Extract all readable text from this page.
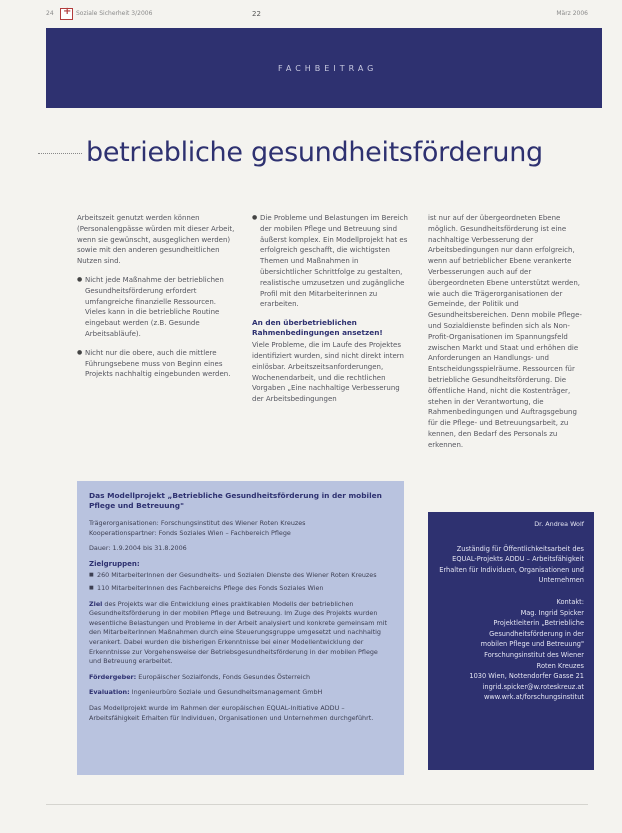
24
+	Soziale Sicherheit 3/2006	22	März 2006
FACHBEITRAG
betriebliche gesundheitsförderung

Arbeitszeit genutzt werden können (Personalengpässe würden mit dieser Arbeit, wenn sie gewünscht, ausgeglichen werden) sowie mit den anderen gesundheitlichen Nutzen sind.

● Nicht jede Maßnahme der betrieblichen Gesundheitsförderung erfordert umfangreiche finanzielle Ressourcen. Vieles kann in die betriebliche Routine eingebaut werden (z.B. Gesunde Arbeitsabläufe).

● Nicht nur die obere, auch die mittlere Führungsebene muss von Beginn eines Projekts nachhaltig eingebunden werden.

● Die Probleme und Belastungen im Bereich der mobilen Pflege und Betreuung sind äußerst komplex. Ein Modellprojekt hat es erfolgreich geschafft, die wichtigsten Themen und Maßnahmen in übersichtlicher Schrittfolge zu gestalten, realistische umzusetzen und zugängliche Profil mit den Mitarbeiterinnen zu erarbeiten.

An den überbetrieblichen Rahmenbedingungen ansetzen!

Viele Probleme, die im Laufe des Projektes identifiziert wurden, sind nicht direkt intern einlösbar. Arbeitszeitsanforderungen, Wochenendarbeit, und die rechtlichen Vorgaben „Eine nachhaltige Verbesserung der Arbeitsbedingungen

ist nur auf der übergeordneten Ebene möglich. Gesundheitsförderung ist eine nachhaltige Verbesserung der Arbeitsbedingungen nur dann erfolgreich, wenn auf betrieblicher Ebene verankerte Verbesserungen auch auf der übergeordneten Ebene unterstützt werden, wie auch die Trägerorganisationen der Gemeinde, der Politik und Gesundheitsbereichen. Denn mobile Pflege- und Sozialdienste befinden sich als Non-Profit-Organisationen im Spannungsfeld zwischen Markt und Staat und erhöhen die Anforderungen an Handlungs- und Entscheidungsspielräume. Ressourcen für betriebliche Gesundheitsförderung. Die öffentliche Hand, nicht die Kostenträger, stehen in der Verantwortung, die Rahmenbedingungen und Auftragsgebung für die Pflege- und Betreuungsarbeit, zu kennen, den Bedarf des Personals zu erkennen.

Das Modellprojekt „Betriebliche Gesundheitsförderung in der mobilen Pflege und Betreuung"

Trägerorganisationen: Forschungsinstitut des Wiener Roten Kreuzes

Kooperationspartner: Fonds Soziales Wien – Fachbereich Pflege

Dauer: 1.9.2004 bis 31.8.2006

Zielgruppen:

■ 260 MitarbeiterInnen der Gesundheits- und Sozialen Dienste des Wiener Roten Kreuzes

■ 110 MitarbeiterInnen des Fachbereichs Pflege des Fonds Soziales Wien

Ziel des Projekts war die Entwicklung eines praktikablen Modells der betrieblichen Gesundheitsförderung in der mobilen Pflege und Betreuung. Im Zuge des Projekts wurden wesentliche Belastungen und Probleme in der Arbeit analysiert und konkrete gemeinsam mit den MitarbeiterInnen Maßnahmen durch eine Steuerungsgruppe umgesetzt und nachhaltig verankert. Dabei wurden die bisherigen Erkenntnisse bei einer Modellentwicklung der Erkenntnisse zur Vorgehensweise der Betriebsgesundheitsförderung in der mobilen Pflege und Betreuung erarbeitet.

Fördergeber: Europäischer Sozialfonds, Fonds Gesundes Österreich

Evaluation: Ingenieurbüro Soziale und Gesundheitsmanagement GmbH

Das Modellprojekt wurde im Rahmen der europäischen EQUAL-Initiative ADDU – Arbeitsfähigkeit Erhalten für Individuen, Organisationen und Unternehmen durchgeführt.

Dr. Andrea Wolf

Zuständig für Öffentlichkeitsarbeit des EQUAL-Projekts ADDU – Arbeitsfähigkeit Erhalten für Individuen, Organisationen und Unternehmen

Kontakt:

Mag. Ingrid Spicker

Projektleiterin „Betriebliche

Gesundheitsförderung in der

mobilen Pflege und Betreuung"

Forschungsinstitut des Wiener

Roten Kreuzes

1030 Wien, Nottendorfer Gasse 21

ingrid.spicker@w.roteskreuz.at

www.wrk.at/forschungsinstitut
